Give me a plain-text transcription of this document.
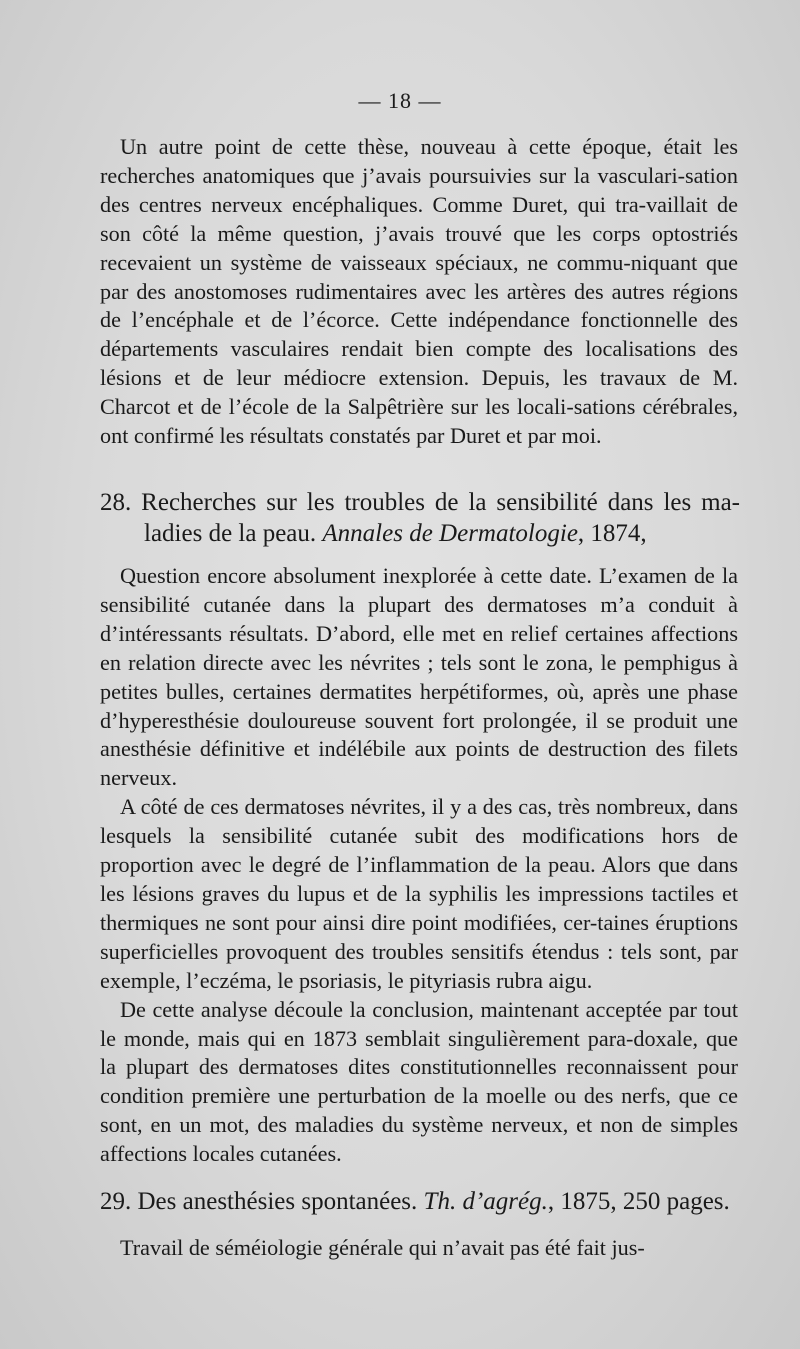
— 18 —

Un autre point de cette thèse, nouveau à cette époque, était les recherches anatomiques que j’avais poursuivies sur la vasculari-sation des centres nerveux encéphaliques. Comme Duret, qui tra-vaillait de son côté la même question, j’avais trouvé que les corps optostriés recevaient un système de vaisseaux spéciaux, ne commu-niquant que par des anostomoses rudimentaires avec les artères des autres régions de l’encéphale et de l’écorce. Cette indépendance fonctionnelle des départements vasculaires rendait bien compte des localisations des lésions et de leur médiocre extension. Depuis, les travaux de M. Charcot et de l’école de la Salpêtrière sur les locali-sations cérébrales, ont confirmé les résultats constatés par Duret et par moi.

28. Recherches sur les troubles de la sensibilité dans les ma-ladies de la peau. Annales de Dermatologie, 1874,

Question encore absolument inexplorée à cette date. L’examen de la sensibilité cutanée dans la plupart des dermatoses m’a conduit à d’intéressants résultats. D’abord, elle met en relief certaines affections en relation directe avec les névrites ; tels sont le zona, le pemphigus à petites bulles, certaines dermatites herpétiformes, où, après une phase d’hyperesthésie douloureuse souvent fort prolongée, il se produit une anesthésie définitive et indélébile aux points de destruction des filets nerveux.

A côté de ces dermatoses névrites, il y a des cas, très nombreux, dans lesquels la sensibilité cutanée subit des modifications hors de proportion avec le degré de l’inflammation de la peau. Alors que dans les lésions graves du lupus et de la syphilis les impressions tactiles et thermiques ne sont pour ainsi dire point modifiées, cer-taines éruptions superficielles provoquent des troubles sensitifs étendus : tels sont, par exemple, l’eczéma, le psoriasis, le pityriasis rubra aigu.

De cette analyse découle la conclusion, maintenant acceptée par tout le monde, mais qui en 1873 semblait singulièrement para-doxale, que la plupart des dermatoses dites constitutionnelles reconnaissent pour condition première une perturbation de la moelle ou des nerfs, que ce sont, en un mot, des maladies du système nerveux, et non de simples affections locales cutanées.

29. Des anesthésies spontanées. Th. d’agrég., 1875, 250 pages.

Travail de séméiologie générale qui n’avait pas été fait jus-
